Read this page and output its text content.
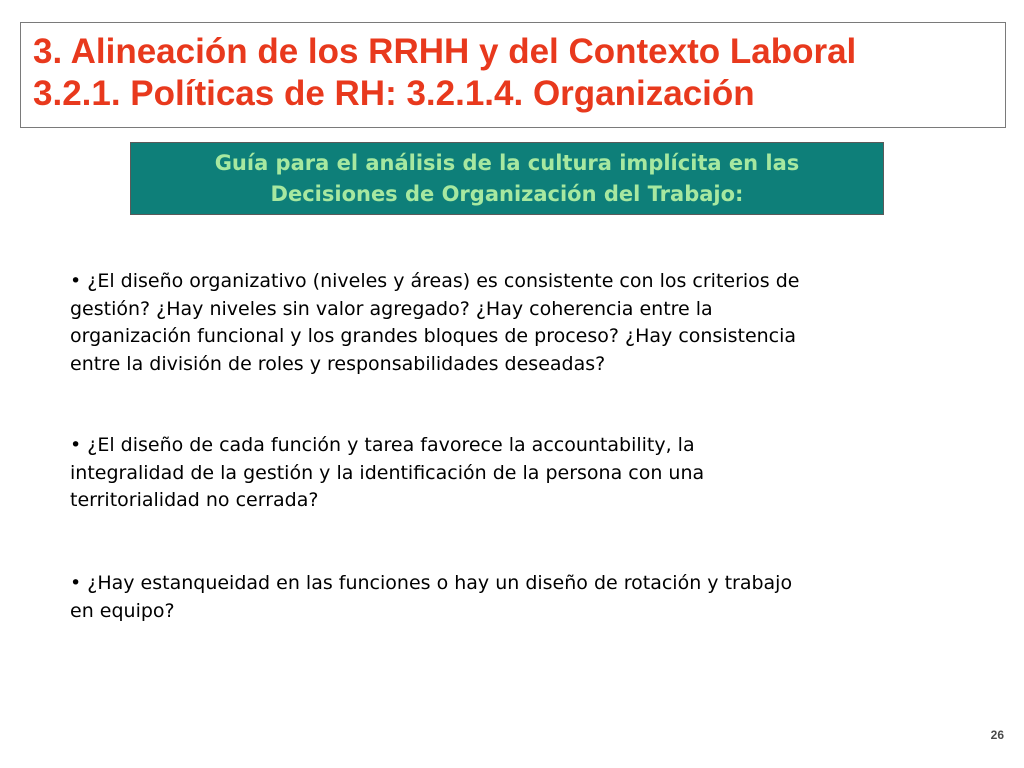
3. Alineación de los RRHH y del Contexto Laboral
3.2.1. Políticas de RH: 3.2.1.4. Organización
Guía para el análisis de la cultura implícita en las
Decisiones de Organización del Trabajo:
• ¿El diseño organizativo (niveles y áreas) es consistente con los criterios de
gestión? ¿Hay niveles sin valor agregado? ¿Hay coherencia entre la
organización funcional y los grandes bloques de proceso? ¿Hay consistencia
entre la división de roles y responsabilidades deseadas?
• ¿El diseño de cada función y tarea favorece la accountability, la
integralidad de la gestión y la identificación de la persona con una
territorialidad no cerrada?
• ¿Hay estanqueidad en las funciones o hay un diseño de rotación y trabajo
en equipo?
26
